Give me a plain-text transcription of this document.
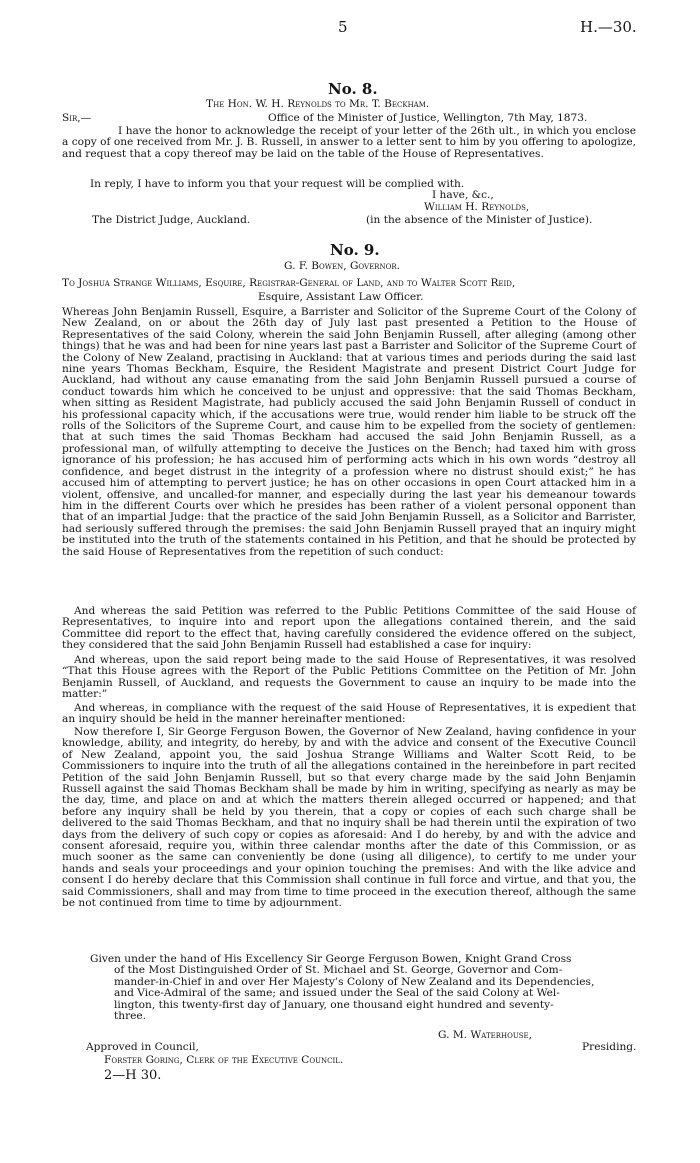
5	H.—30.

No. 8.

The Hon. W. H. Reynolds to Mr. T. Beckham.

Sir,—	Office of the Minister of Justice, Wellington, 7th May, 1873.

I have the honor to acknowledge the receipt of your letter of the 26th ult., in which you enclose a copy of one received from Mr. J. B. Russell, in answer to a letter sent to him by you offering to apologize, and request that a copy thereof may be laid on the table of the House of Representatives.

In reply, I have to inform you that your request will be complied with.

I have, &c.,

William H. Reynolds,

The District Judge, Auckland.	(in the absence of the Minister of Justice).

No. 9.

G. F. Bowen, Governor.

To Joshua Strange Williams, Esquire, Registrar-General of Land, and to Walter Scott Reid,

Esquire, Assistant Law Officer.

Whereas John Benjamin Russell, Esquire, a Barrister and Solicitor of the Supreme Court of the Colony of New Zealand, on or about the 26th day of July last past presented a Petition to the House of Representatives of the said Colony, wherein the said John Benjamin Russell, after alleging (among other things) that he was and had been for nine years last past a Barrister and Solicitor of the Supreme Court of the Colony of New Zealand, practising in Auckland: that at various times and periods during the said last nine years Thomas Beckham, Esquire, the Resident Magistrate and present District Court Judge for Auckland, had without any cause emanating from the said John Benjamin Russell pursued a course of conduct towards him which he conceived to be unjust and oppressive: that the said Thomas Beckham, when sitting as Resident Magistrate, had publicly accused the said John Benjamin Russell of conduct in his professional capacity which, if the accusations were true, would render him liable to be struck off the rolls of the Solicitors of the Supreme Court, and cause him to be expelled from the society of gentlemen: that at such times the said Thomas Beckham had accused the said John Benjamin Russell, as a professional man, of wilfully attempting to deceive the Justices on the Bench; had taxed him with gross ignorance of his profession; he has accused him of performing acts which in his own words “destroy all confidence, and beget distrust in the integrity of a profession where no distrust should exist;” he has accused him of attempting to pervert justice; he has on other occasions in open Court attacked him in a violent, offensive, and uncalled-for manner, and especially during the last year his demeanour towards him in the different Courts over which he presides has been rather of a violent personal opponent than that of an impartial Judge: that the practice of the said John Benjamin Russell, as a Solicitor and Barrister, had seriously suffered through the premises: the said John Benjamin Russell prayed that an inquiry might be instituted into the truth of the statements contained in his Petition, and that he should be protected by the said House of Representatives from the repetition of such conduct:

And whereas the said Petition was referred to the Public Petitions Committee of the said House of Representatives, to inquire into and report upon the allegations contained therein, and the said Committee did report to the effect that, having carefully considered the evidence offered on the subject, they considered that the said John Benjamin Russell had established a case for inquiry:

And whereas, upon the said report being made to the said House of Representatives, it was resolved “That this House agrees with the Report of the Public Petitions Committee on the Petition of Mr. John Benjamin Russell, of Auckland, and requests the Government to cause an inquiry to be made into the matter:”

And whereas, in compliance with the request of the said House of Representatives, it is expedient that an inquiry should be held in the manner hereinafter mentioned:

Now therefore I, Sir George Ferguson Bowen, the Governor of New Zealand, having confidence in your knowledge, ability, and integrity, do hereby, by and with the advice and consent of the Executive Council of New Zealand, appoint you, the said Joshua Strange Williams and Walter Scott Reid, to be Commissioners to inquire into the truth of all the allegations contained in the hereinbefore in part recited Petition of the said John Benjamin Russell, but so that every charge made by the said John Benjamin Russell against the said Thomas Beckham shall be made by him in writing, specifying as nearly as may be the day, time, and place on and at which the matters therein alleged occurred or happened; and that before any inquiry shall be held by you therein, that a copy or copies of each such charge shall be delivered to the said Thomas Beckham, and that no inquiry shall be had therein until the expiration of two days from the delivery of such copy or copies as aforesaid: And I do hereby, by and with the advice and consent aforesaid, require you, within three calendar months after the date of this Commission, or as much sooner as the same can conveniently be done (using all diligence), to certify to me under your hands and seals your proceedings and your opinion touching the premises: And with the like advice and consent I do hereby declare that this Commission shall continue in full force and virtue, and that you, the said Commissioners, shall and may from time to time proceed in the execution thereof, although the same be not continued from time to time by adjournment.

Given under the hand of His Excellency Sir George Ferguson Bowen, Knight Grand Cross

of the Most Distinguished Order of St. Michael and St. George, Governor and Com-

mander-in-Chief in and over Her Majesty’s Colony of New Zealand and its Dependencies,

and Vice-Admiral of the same; and issued under the Seal of the said Colony at Wel-

lington, this twenty-first day of January, one thousand eight hundred and seventy-

three.

G. M. Waterhouse,

Presiding.

Approved in Council,

Forster Goring, Clerk of the Executive Council.

2—H 30.
